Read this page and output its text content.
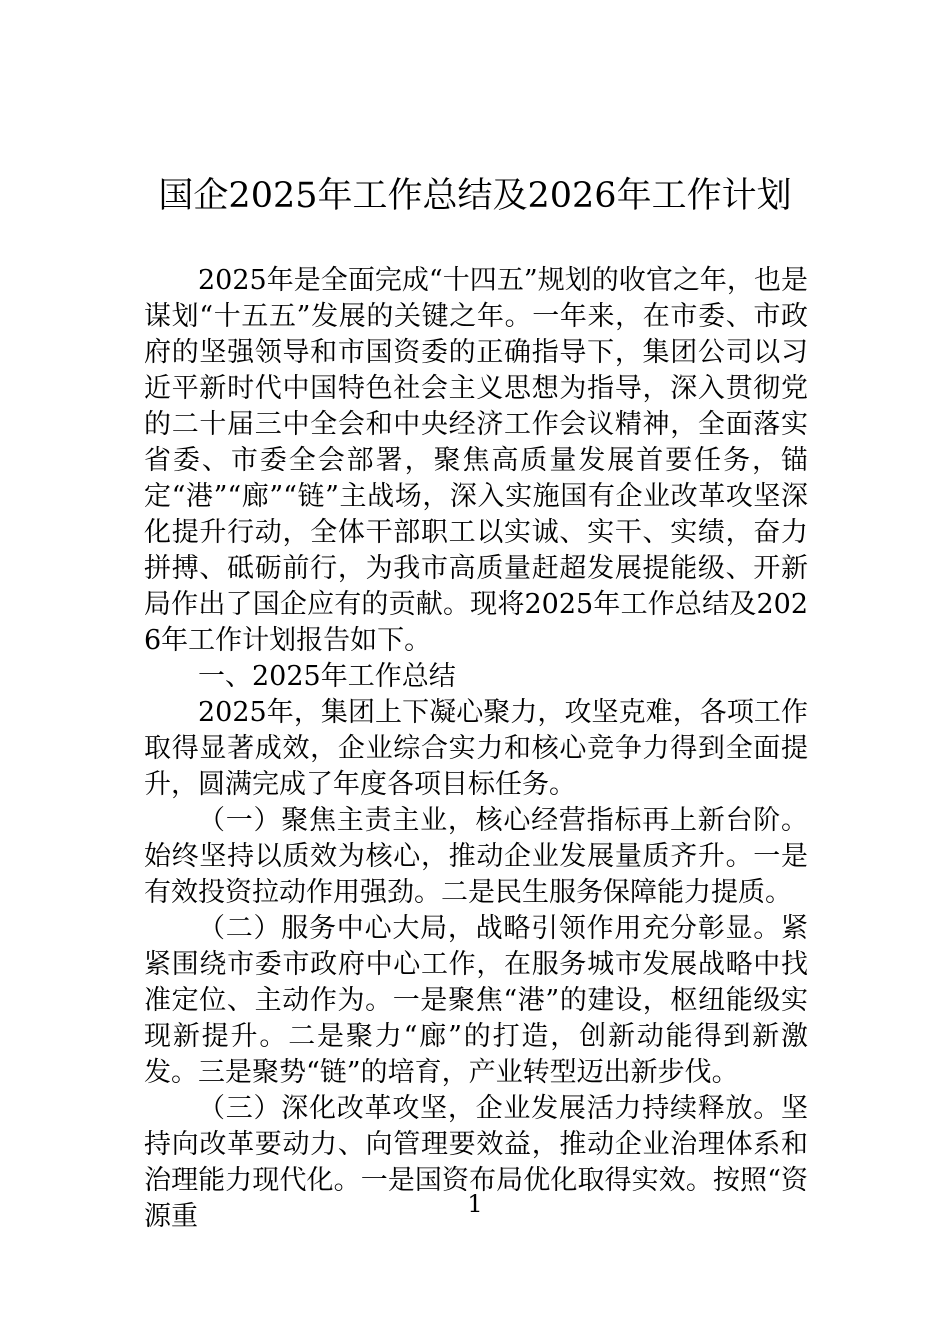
国企2025年工作总结及2026年工作计划

2025年是全面完成“十四五”规划的收官之年，也是谋划“十五五”发展的关键之年。一年来，在市委、市政府的坚强领导和市国资委的正确指导下，集团公司以习近平新时代中国特色社会主义思想为指导，深入贯彻党的二十届三中全会和中央经济工作会议精神，全面落实省委、市委全会部署，聚焦高质量发展首要任务，锚定“港”“廊”“链”主战场，深入实施国有企业改革攻坚深化提升行动，全体干部职工以实诚、实干、实绩，奋力拼搏、砥砺前行，为我市高质量赶超发展提能级、开新局作出了国企应有的贡献。现将2025年工作总结及2026年工作计划报告如下。

一、2025年工作总结

2025年，集团上下凝心聚力，攻坚克难，各项工作取得显著成效，企业综合实力和核心竞争力得到全面提升，圆满完成了年度各项目标任务。

（一）聚焦主责主业，核心经营指标再上新台阶。始终坚持以质效为核心，推动企业发展量质齐升。一是有效投资拉动作用强劲。二是民生服务保障能力提质。

（二）服务中心大局，战略引领作用充分彰显。紧紧围绕市委市政府中心工作，在服务城市发展战略中找准定位、主动作为。一是聚焦“港”的建设，枢纽能级实现新提升。二是聚力“廊”的打造，创新动能得到新激发。三是聚势“链”的培育，产业转型迈出新步伐。

（三）深化改革攻坚，企业发展活力持续释放。坚持向改革要动力、向管理要效益，推动企业治理体系和治理能力现代化。一是国资布局优化取得实效。按照“资源重	1
